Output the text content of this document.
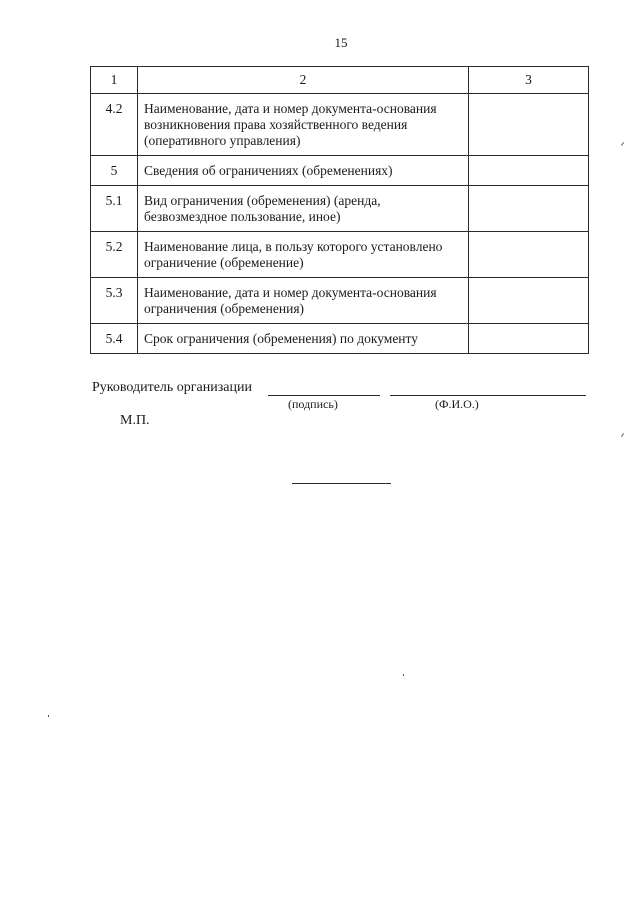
15
1	2	3
4.2	Наименование, дата и номер документа-основания возникновения права хозяйственного ведения (оперативного управления)	
5	Сведения об ограничениях (обременениях)	
5.1	Вид ограничения (обременения) (аренда, безвозмездное пользование, иное)	
5.2	Наименование лица, в пользу которого установлено ограничение (обременение)	
5.3	Наименование, дата и номер документа-основания ограничения (обременения)	
5.4	Срок ограничения (обременения) по документу	
Руководитель организации
(подпись)	(Ф.И.О.)
М.П.
